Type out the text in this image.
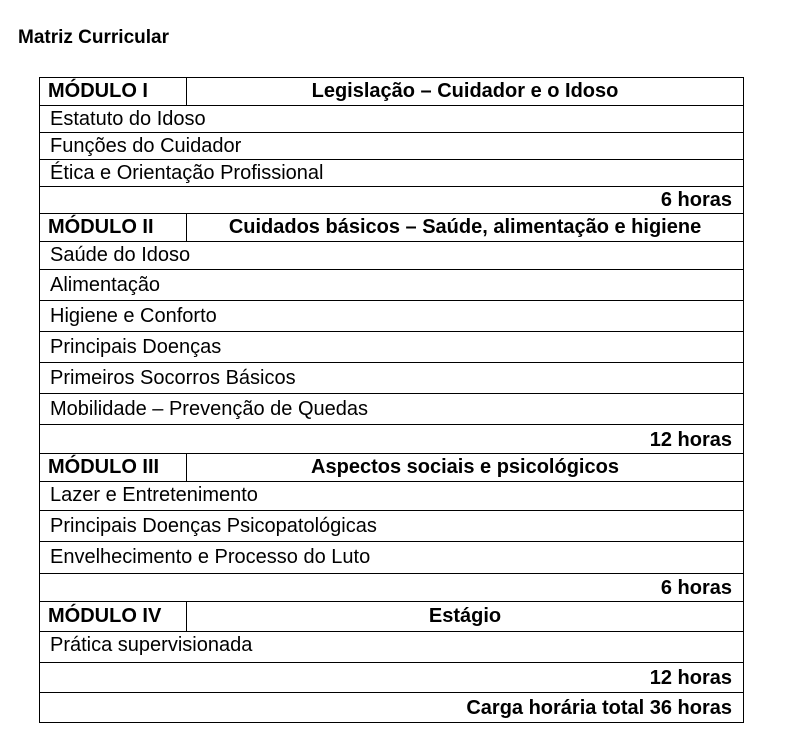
Matriz Curricular
MÓDULO I	Legislação – Cuidador e o Idoso
Estatuto do Idoso
Funções do Cuidador
Ética e Orientação Profissional
6 horas
MÓDULO II	Cuidados básicos – Saúde, alimentação e higiene
Saúde do Idoso
Alimentação
Higiene e Conforto
Principais Doenças
Primeiros Socorros Básicos
Mobilidade – Prevenção de Quedas
12 horas
MÓDULO III	Aspectos sociais e psicológicos
Lazer e Entretenimento
Principais Doenças Psicopatológicas
Envelhecimento e Processo do Luto
6 horas
MÓDULO IV	Estágio
Prática supervisionada
12 horas
Carga horária total 36 horas
